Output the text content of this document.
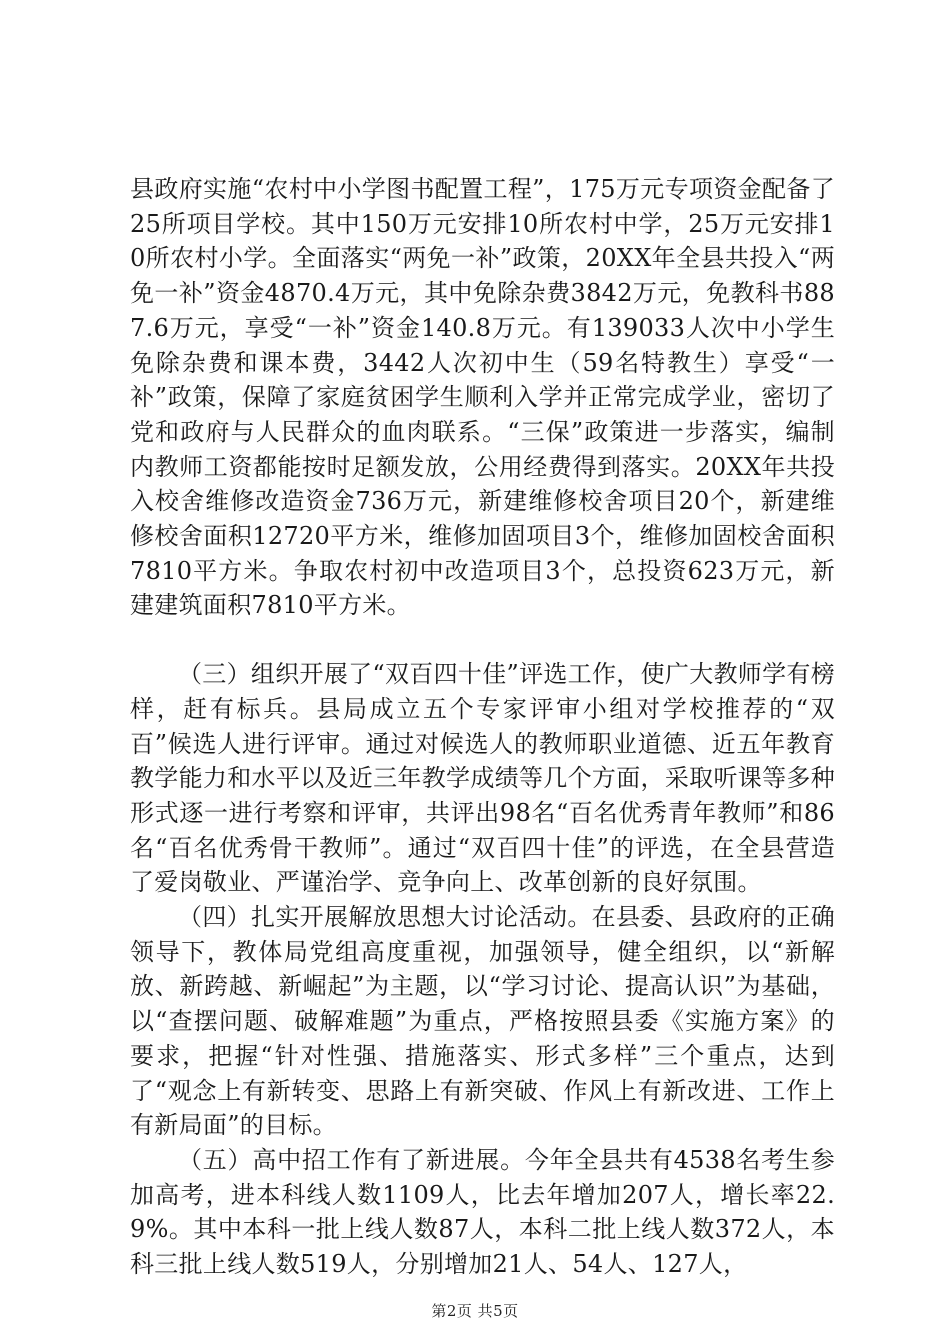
县政府实施“农村中小学图书配置工程”，175万元专项资金配备了25所项目学校。其中150万元安排10所农村中学，25万元安排10所农村小学。全面落实“两免一补”政策，20XX年全县共投入“两免一补”资金4870.4万元，其中免除杂费3842万元，免教科书887.6万元，享受“一补”资金140.8万元。有139033人次中小学生免除杂费和课本费，3442人次初中生（59名特教生）享受“一补”政策，保障了家庭贫困学生顺利入学并正常完成学业，密切了党和政府与人民群众的血肉联系。“三保”政策进一步落实，编制内教师工资都能按时足额发放，公用经费得到落实。20XX年共投入校舍维修改造资金736万元，新建维修校舍项目20个，新建维修校舍面积12720平方米，维修加固项目3个，维修加固校舍面积7810平方米。争取农村初中改造项目3个，总投资623万元，新建建筑面积7810平方米。

（三）组织开展了“双百四十佳”评选工作，使广大教师学有榜样，赶有标兵。县局成立五个专家评审小组对学校推荐的“双百”候选人进行评审。通过对候选人的教师职业道德、近五年教育教学能力和水平以及近三年教学成绩等几个方面，采取听课等多种形式逐一进行考察和评审，共评出98名“百名优秀青年教师”和86名“百名优秀骨干教师”。通过“双百四十佳”的评选，在全县营造了爱岗敬业、严谨治学、竞争向上、改革创新的良好氛围。

（四）扎实开展解放思想大讨论活动。在县委、县政府的正确领导下，教体局党组高度重视，加强领导，健全组织，以“新解放、新跨越、新崛起”为主题，以“学习讨论、提高认识”为基础，以“查摆问题、破解难题”为重点，严格按照县委《实施方案》的要求，把握“针对性强、措施落实、形式多样”三个重点，达到了“观念上有新转变、思路上有新突破、作风上有新改进、工作上有新局面”的目标。

（五）高中招工作有了新进展。今年全县共有4538名考生参加高考，进本科线人数1109人，比去年增加207人，增长率22.9%。其中本科一批上线人数87人，本科二批上线人数372人，本科三批上线人数519人，分别增加21人、54人、127人，

第2页 共5页
